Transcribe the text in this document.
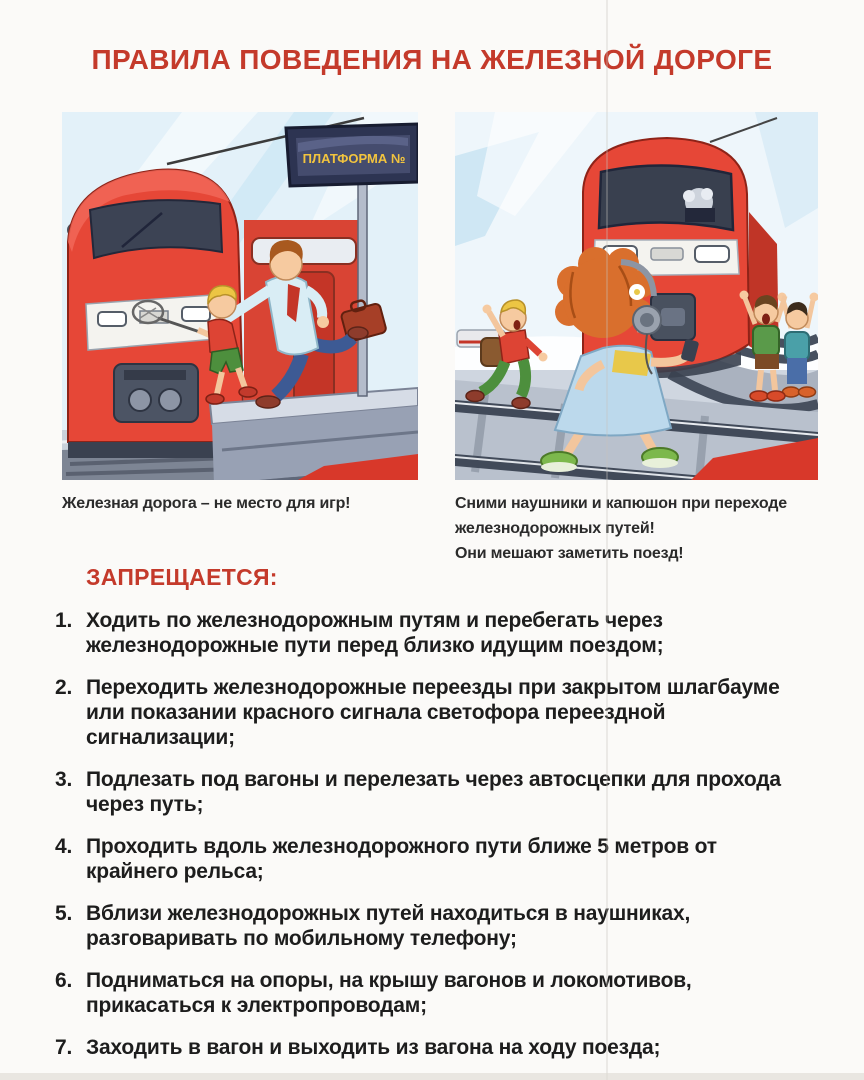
ПРАВИЛА ПОВЕДЕНИЯ НА ЖЕЛЕЗНОЙ ДОРОГЕ
ПЛАТФОРМА №
Железная дорога – не место для игр!	Сними наушники и капюшон при переходе
железнодорожных путей!
Они мешают заметить поезд!
ЗАПРЕЩАЕТСЯ:
1. Ходить по железнодорожным путям и перебегать через железнодорожные пути перед близко идущим поездом;
2. Переходить железнодорожные переезды при закрытом шлагбауме или показании красного сигнала светофора переездной сигнализации;
3. Подлезать под вагоны и перелезать через автосцепки для прохода через путь;
4. Проходить вдоль железнодорожного пути ближе 5 метров от крайнего рельса;
5. Вблизи железнодорожных путей находиться в наушниках, разговаривать по мобильному телефону;
6. Подниматься на опоры, на крышу вагонов и локомотивов, прикасаться к электропроводам;
7. Заходить в вагон и выходить из вагона на ходу поезда;
